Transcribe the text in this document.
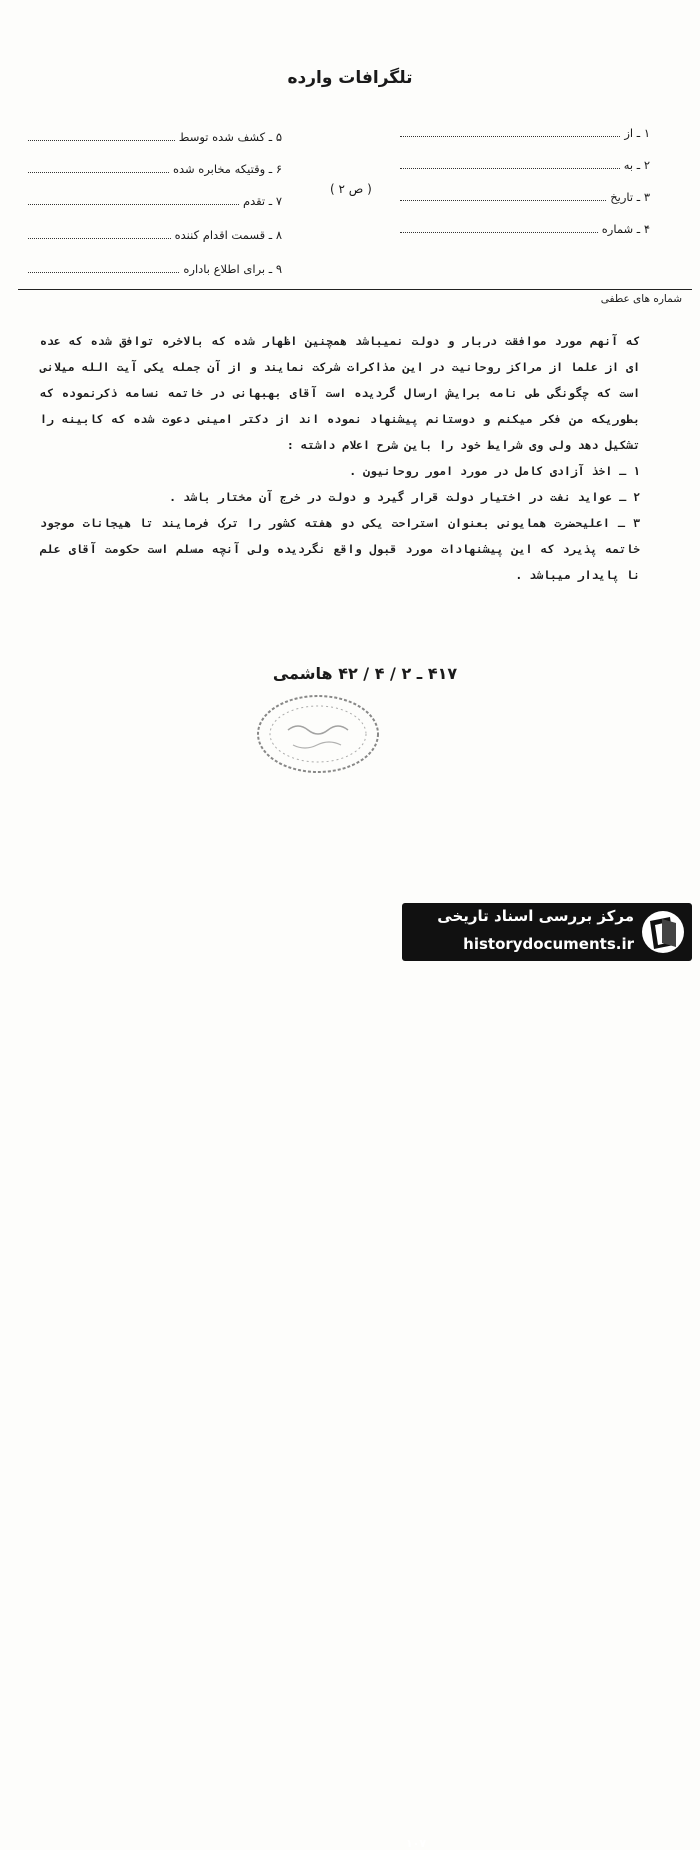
تلگرافات وارده
۱ ـ از
۲ ـ به
۳ ـ تاریخ
۴ ـ شماره
۵ ـ کشف شده توسط
۶ ـ وقتیکه مخابره شده
۷ ـ تقدم
۸ ـ قسمت اقدام کننده
۹ ـ برای اطلاع باداره
( ص ۲ )
شماره های عطفی

که آنهم مورد موافقت دربار و دولت نمیباشد همچنین اظهار شده که بالاخره توافق شده که عده ای از علما از مراکز روحانیت در این مذاکرات شرکت نمایند و از آن جمله یکی آیت الله میلانی است که چگونگی طی نامه برایش ارسال گردیده است آقای بهبهانی در خاتمه نسامه ذکرنموده که بطوریکه من فکر میکنم و دوستانم پیشنهاد نموده اند از دکتر امینی دعوت شده که کابینه را تشکیل دهد ولی وی شرایط خود را باین شرح اعلام داشته :

۱ ـ اخذ آزادی کامل در مورد امور روحانیون .

۲ ـ عواید نفت در اختیار دولت قرار گیرد و دولت در خرج آن مختار باشد .

۳ ـ اعلیحضرت همایونی بعنوان استراحت یکی دو هفته کشور را ترک فرمایند تا هیجانات موجود خاتمه پذیرد که این پیشنهادات مورد قبول واقع نگردیده ولی آنچه مسلم است حکومت آقای علم نا پایدار میباشد .

۴۱۷ ـ ۲ / ۴ / ۴۲ هاشمی
مرکز بررسی اسناد تاریخی
historydocuments.ir
۱۰۷
